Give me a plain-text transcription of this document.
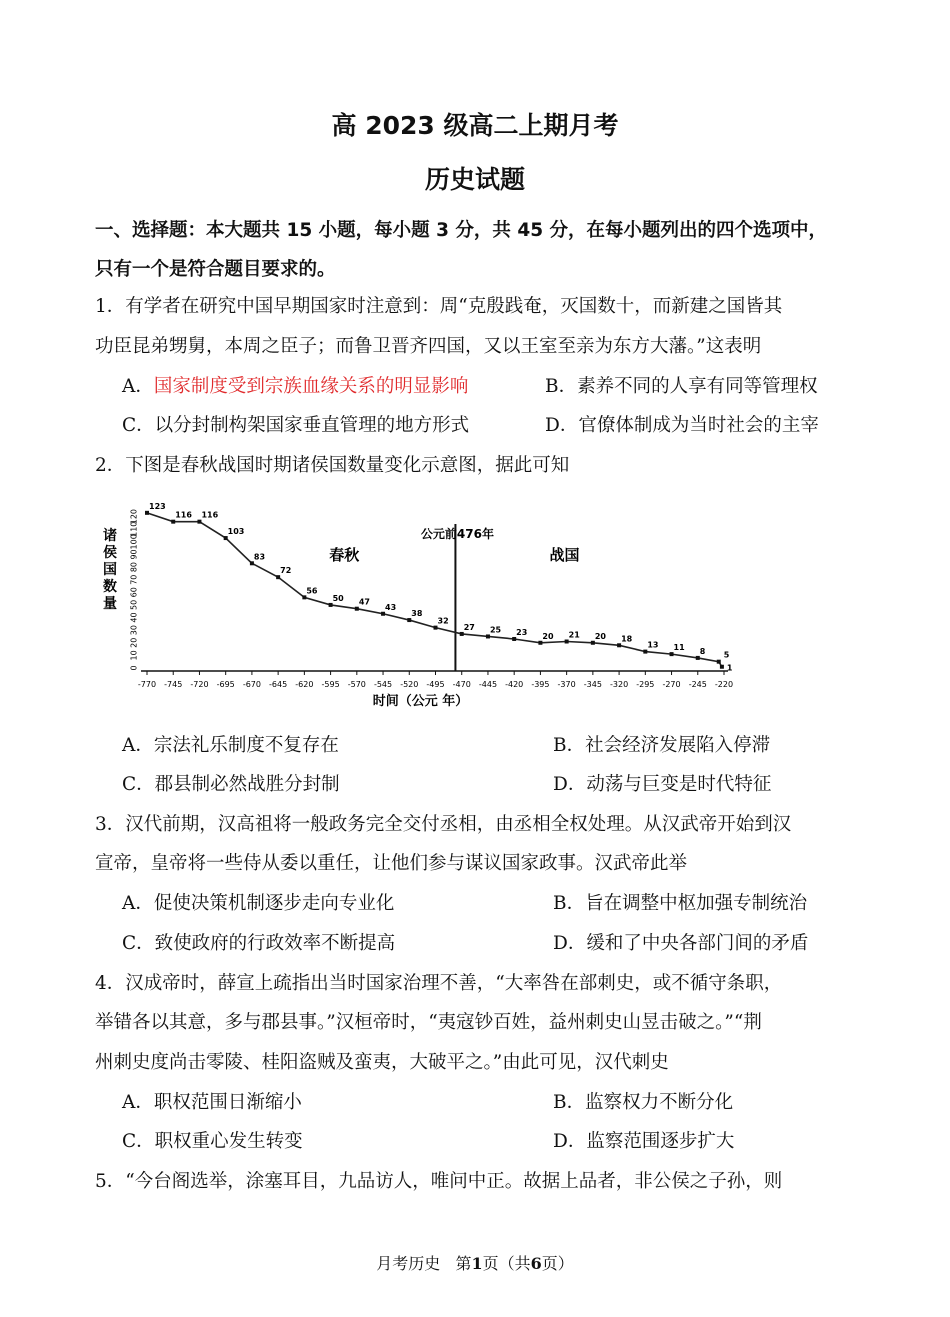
高 2023 级高二上期月考
历史试题
一、选择题：本大题共 15 小题，每小题 3 分，共 45 分，在每小题列出的四个选项中，
只有一个是符合题目要求的。
1．有学者在研究中国早期国家时注意到：周“克殷践奄，灭国数十，而新建之国皆其
功臣昆弟甥舅，本周之臣子；而鲁卫晋齐四国，又以王室至亲为东方大藩。”这表明
A．国家制度受到宗族血缘关系的明显影响	B．素养不同的人享有同等管理权
C．以分封制构架国家垂直管理的地方形式	D．官僚体制成为当时社会的主宰
2．下图是春秋战国时期诸侯国数量变化示意图，据此可知
0
10
20
30
40
50
60
70
80
90
100
110
120
-770 -745 -720 -695 -670 -645 -620 -595 -570 -545 -520 -495 -470 -445 -420 -395 -370 -345 -320 -295 -270 -245 -220
公元前476年
春秋	战国
诸
侯
国
数
量
时间（公元 年）
123
116 116
103
83
72
56
50 47
43
38
32
27 25 23 20 21 20 18
13 11 8 5
1
A．宗法礼乐制度不复存在	B．社会经济发展陷入停滞
C．郡县制必然战胜分封制	D．动荡与巨变是时代特征
3．汉代前期，汉高祖将一般政务完全交付丞相，由丞相全权处理。从汉武帝开始到汉
宣帝，皇帝将一些侍从委以重任，让他们参与谋议国家政事。汉武帝此举
A．促使决策机制逐步走向专业化	B．旨在调整中枢加强专制统治
C．致使政府的行政效率不断提高	D．缓和了中央各部门间的矛盾
4．汉成帝时，薛宣上疏指出当时国家治理不善，“大率咎在部刺史，或不循守条职，
举错各以其意，多与郡县事。”汉桓帝时，“夷寇钞百姓，益州刺史山昱击破之。”“荆
州刺史度尚击零陵、桂阳盗贼及蛮夷，大破平之。”由此可见，汉代刺史
A．职权范围日渐缩小	B．监察权力不断分化
C．职权重心发生转变	D．监察范围逐步扩大
5．“今台阁选举，涂塞耳目，九品访人，唯问中正。故据上品者，非公侯之子孙，则
月考历史 第1页（共6页）
